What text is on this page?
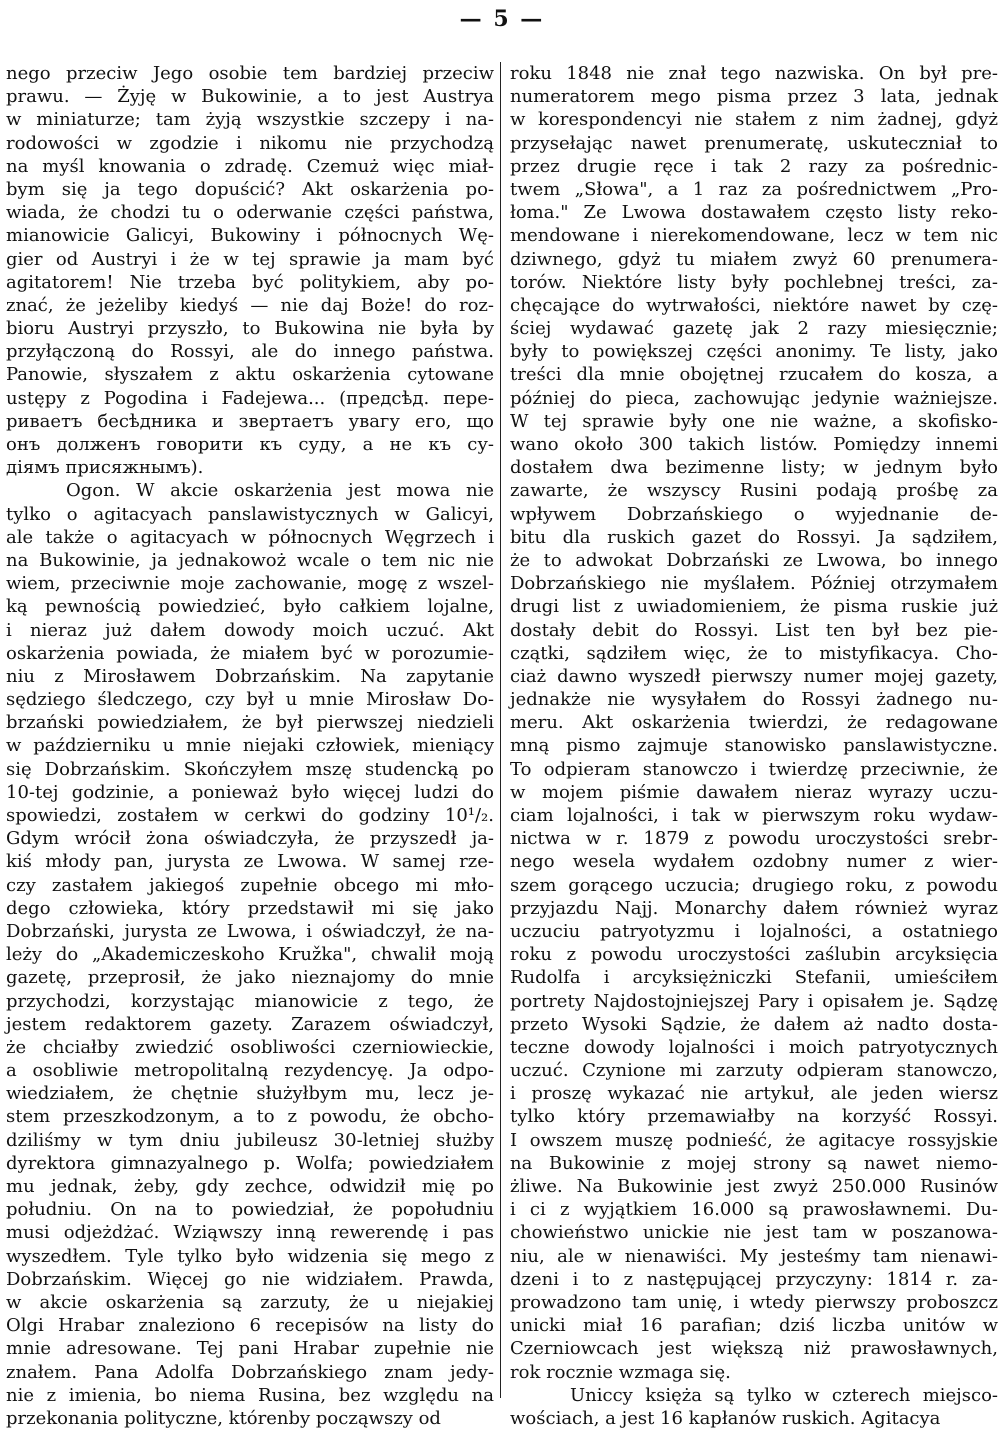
— 5 —
nego przeciw Jego osobie tem bardziej przeciw
prawu. — Żyję w Bukowinie, a to jest Austrya
w miniaturze; tam żyją wszystkie szczepy i na-
rodowości w zgodzie i nikomu nie przychodzą
na myśl knowania o zdradę. Czemuż więc miał-
bym się ja tego dopuścić? Akt oskarżenia po-
wiada, że chodzi tu o oderwanie części państwa,
mianowicie Galicyi, Bukowiny i północnych Wę-
gier od Austryi i że w tej sprawie ja mam być
agitatorem! Nie trzeba być politykiem, aby po-
znać, że jeżeliby kiedyś — nie daj Boże! do roz-
bioru Austryi przyszło, to Bukowina nie była by
przyłączoną do Rossyi, ale do innego państwa.
Panowie, słyszałem z aktu oskarżenia cytowane
ustępy z Pogodina i Fadejewa... (предсѣд. пере-
риваетъ бесѣдника и звертаетъ увагу его, що
онъ долженъ говорити къ суду, а не къ су-
діямъ присяжнымъ).
Ogon. W akcie oskarżenia jest mowa nie
tylko o agitacyach panslawistycznych w Galicyi,
ale także o agitacyach w północnych Węgrzech i
na Bukowinie, ja jednakowoż wcale o tem nic nie
wiem, przeciwnie moje zachowanie, mogę z wszel-
ką pewnością powiedzieć, było całkiem lojalne,
i nieraz już dałem dowody moich uczuć. Akt
oskarżenia powiada, że miałem być w porozumie-
niu z Mirosławem Dobrzańskim. Na zapytanie
sędziego śledczego, czy był u mnie Mirosław Do-
brzański powiedziałem, że był pierwszej niedzieli
w październiku u mnie niejaki człowiek, mieniący
się Dobrzańskim. Skończyłem mszę studencką po
10-tej godzinie, a ponieważ było więcej ludzi do
spowiedzi, zostałem w cerkwi do godziny 10¹/₂.
Gdym wrócił żona oświadczyła, że przyszedł ja-
kiś młody pan, jurysta ze Lwowa. W samej rze-
czy zastałem jakiegoś zupełnie obcego mi mło-
dego człowieka, który przedstawił mi się jako
Dobrzański, jurysta ze Lwowa, i oświadczył, że na-
leży do „Akademiczeskoho Kružka", chwalił moją
gazetę, przeprosił, że jako nieznajomy do mnie
przychodzi, korzystając mianowicie z tego, że
jestem redaktorem gazety. Zarazem oświadczył,
że chciałby zwiedzić osobliwości czerniowieckie,
a osobliwie metropolitalną rezydencyę. Ja odpo-
wiedziałem, że chętnie służyłbym mu, lecz je-
stem przeszkodzonym, a to z powodu, że obcho-
dziliśmy w tym dniu jubileusz 30-letniej służby
dyrektora gimnazyalnego p. Wolfa; powiedziałem
mu jednak, żeby, gdy zechce, odwidził mię po
południu. On na to powiedział, że popołudniu
musi odjeżdżać. Wziąwszy inną rewerendę i pas
wyszedłem. Tyle tylko było widzenia się mego z
Dobrzańskim. Więcej go nie widziałem. Prawda,
w akcie oskarżenia są zarzuty, że u niejakiej
Olgi Hrabar znaleziono 6 recepisów na listy do
mnie adresowane. Tej pani Hrabar zupełnie nie
znałem. Pana Adolfa Dobrzańskiego znam jedy-
nie z imienia, bo niema Rusina, bez względu na
przekonania polityczne, którenby począwszy od
roku 1848 nie znał tego nazwiska. On był pre-
numeratorem mego pisma przez 3 lata, jednak
w korespondencyi nie stałem z nim żadnej, gdyż
przysełając nawet prenumeratę, uskuteczniał to
przez drugie ręce i tak 2 razy za pośrednic-
twem „Słowa", a 1 raz za pośrednictwem „Pro-
łoma." Ze Lwowa dostawałem często listy reko-
mendowane i nierekomendowane, lecz w tem nic
dziwnego, gdyż tu miałem zwyż 60 prenumera-
torów. Niektóre listy były pochlebnej treści, za-
chęcające do wytrwałości, niektóre nawet by czę-
ściej wydawać gazetę jak 2 razy miesięcznie;
były to powiększej części anonimy. Te listy, jako
treści dla mnie obojętnej rzucałem do kosza, a
później do pieca, zachowując jedynie ważniejsze.
W tej sprawie były one nie ważne, a skofisko-
wano około 300 takich listów. Pomiędzy innemi
dostałem dwa bezimenne listy; w jednym było
zawarte, że wszyscy Rusini podają prośbę za
wpływem Dobrzańskiego o wyjednanie de-
bitu dla ruskich gazet do Rossyi. Ja sądziłem,
że to adwokat Dobrzański ze Lwowa, bo innego
Dobrzańskiego nie myślałem. Później otrzymałem
drugi list z uwiadomieniem, że pisma ruskie już
dostały debit do Rossyi. List ten był bez pie-
czątki, sądziłem więc, że to mistyfikacya. Cho-
ciaż dawno wyszedł pierwszy numer mojej gazety,
jednakże nie wysyłałem do Rossyi żadnego nu-
meru. Akt oskarżenia twierdzi, że redagowane
mną pismo zajmuje stanowisko panslawistyczne.
To odpieram stanowczo i twierdzę przeciwnie, że
w mojem piśmie dawałem nieraz wyrazy uczu-
ciam lojalności, i tak w pierwszym roku wydaw-
nictwa w r. 1879 z powodu uroczystości srebr-
nego wesela wydałem ozdobny numer z wier-
szem gorącego uczucia; drugiego roku, z powodu
przyjazdu Najj. Monarchy dałem również wyraz
uczuciu patryotyzmu i lojalności, a ostatniego
roku z powodu uroczystości zaślubin arcyksięcia
Rudolfa i arcyksiężniczki Stefanii, umieściłem
portrety Najdostojniejszej Pary i opisałem je. Sądzę
przeto Wysoki Sądzie, że dałem aż nadto dosta-
teczne dowody lojalności i moich patryotycznych
uczuć. Czynione mi zarzuty odpieram stanowczo,
i proszę wykazać nie artykuł, ale jeden wiersz
tylko który przemawiałby na korzyść Rossyi.
I owszem muszę podnieść, że agitacye rossyjskie
na Bukowinie z mojej strony są nawet niemo-
żliwe. Na Bukowinie jest zwyż 250.000 Rusinów
i ci z wyjątkiem 16.000 są prawosławnemi. Du-
chowieństwo unickie nie jest tam w poszanowa-
niu, ale w nienawiści. My jesteśmy tam nienawi-
dzeni i to z następującej przyczyny: 1814 r. za-
prowadzono tam unię, i wtedy pierwszy proboszcz
unicki miał 16 parafian; dziś liczba unitów w
Czerniowcach jest większą niż prawosławnych,
rok rocznie wzmaga się.
Uniccy księża są tylko w czterech miejsco-
wościach, a jest 16 kapłanów ruskich. Agitacya
